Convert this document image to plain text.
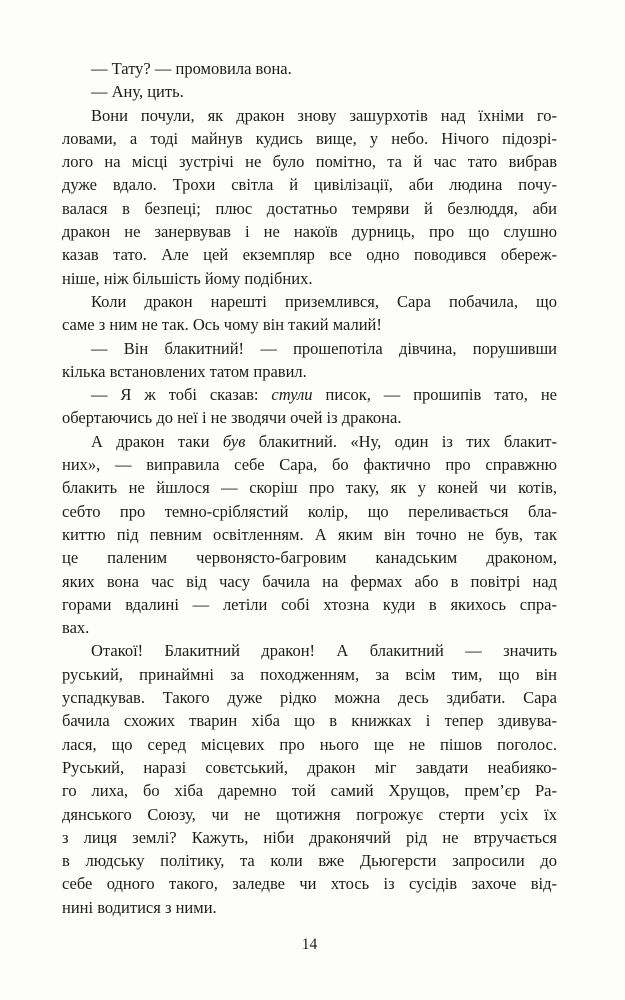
— Тату? — промовила вона.
— Ану, цить.
Вони почули, як дракон знову зашурхотів над їхніми го-
ловами, а тоді майнув кудись вище, у небо. Нічого підозрі-
лого на місці зустрічі не було помітно, та й час тато вибрав
дуже вдало. Трохи світла й цивілізації, аби людина почу-
валася в безпеці; плюс достатньо темряви й безлюддя, аби
дракон не занервував і не накоїв дурниць, про що слушно
казав тато. Але цей екземпляр все одно поводився обереж-
ніше, ніж більшість йому подібних.
Коли дракон нарешті приземлився, Сара побачила, що
саме з ним не так. Ось чому він такий малий!
— Він блакитний! — прошепотіла дівчина, порушивши
кілька встановлених татом правил.
— Я ж тобі сказав: стули писок, — прошипів тато, не
обертаючись до неї і не зводячи очей із дракона.
А дракон таки був блакитний. «Ну, один із тих блакит-
них», — виправила себе Сара, бо фактично про справжню
блакить не йшлося — скоріш про таку, як у коней чи котів,
себто про темно-сріблястий колір, що переливається бла-
киттю під певним освітленням. А яким він точно не був, так
це паленим червонясто-багровим канадським драконом,
яких вона час від часу бачила на фермах або в повітрі над
горами вдалині — летіли собі хтозна куди в якихось спра-
вах.
Отакої! Блакитний дракон! А блакитний — значить
руський, принаймні за походженням, за всім тим, що він
успадкував. Такого дуже рідко можна десь здибати. Сара
бачила схожих тварин хіба що в книжках і тепер здивува-
лася, що серед місцевих про нього ще не пішов поголос.
Руський, наразі совєтський, дракон міг завдати неабияко-
го лиха, бо хіба даремно той самий Хрущов, прем’єр Ра-
дянського Союзу, чи не щотижня погрожує стерти усіх їх
з лиця землі? Кажуть, ніби драконячий рід не втручається
в людську політику, та коли вже Дьюгерсти запросили до
себе одного такого, заледве чи хтось із сусідів захоче від-
нині водитися з ними.
14
